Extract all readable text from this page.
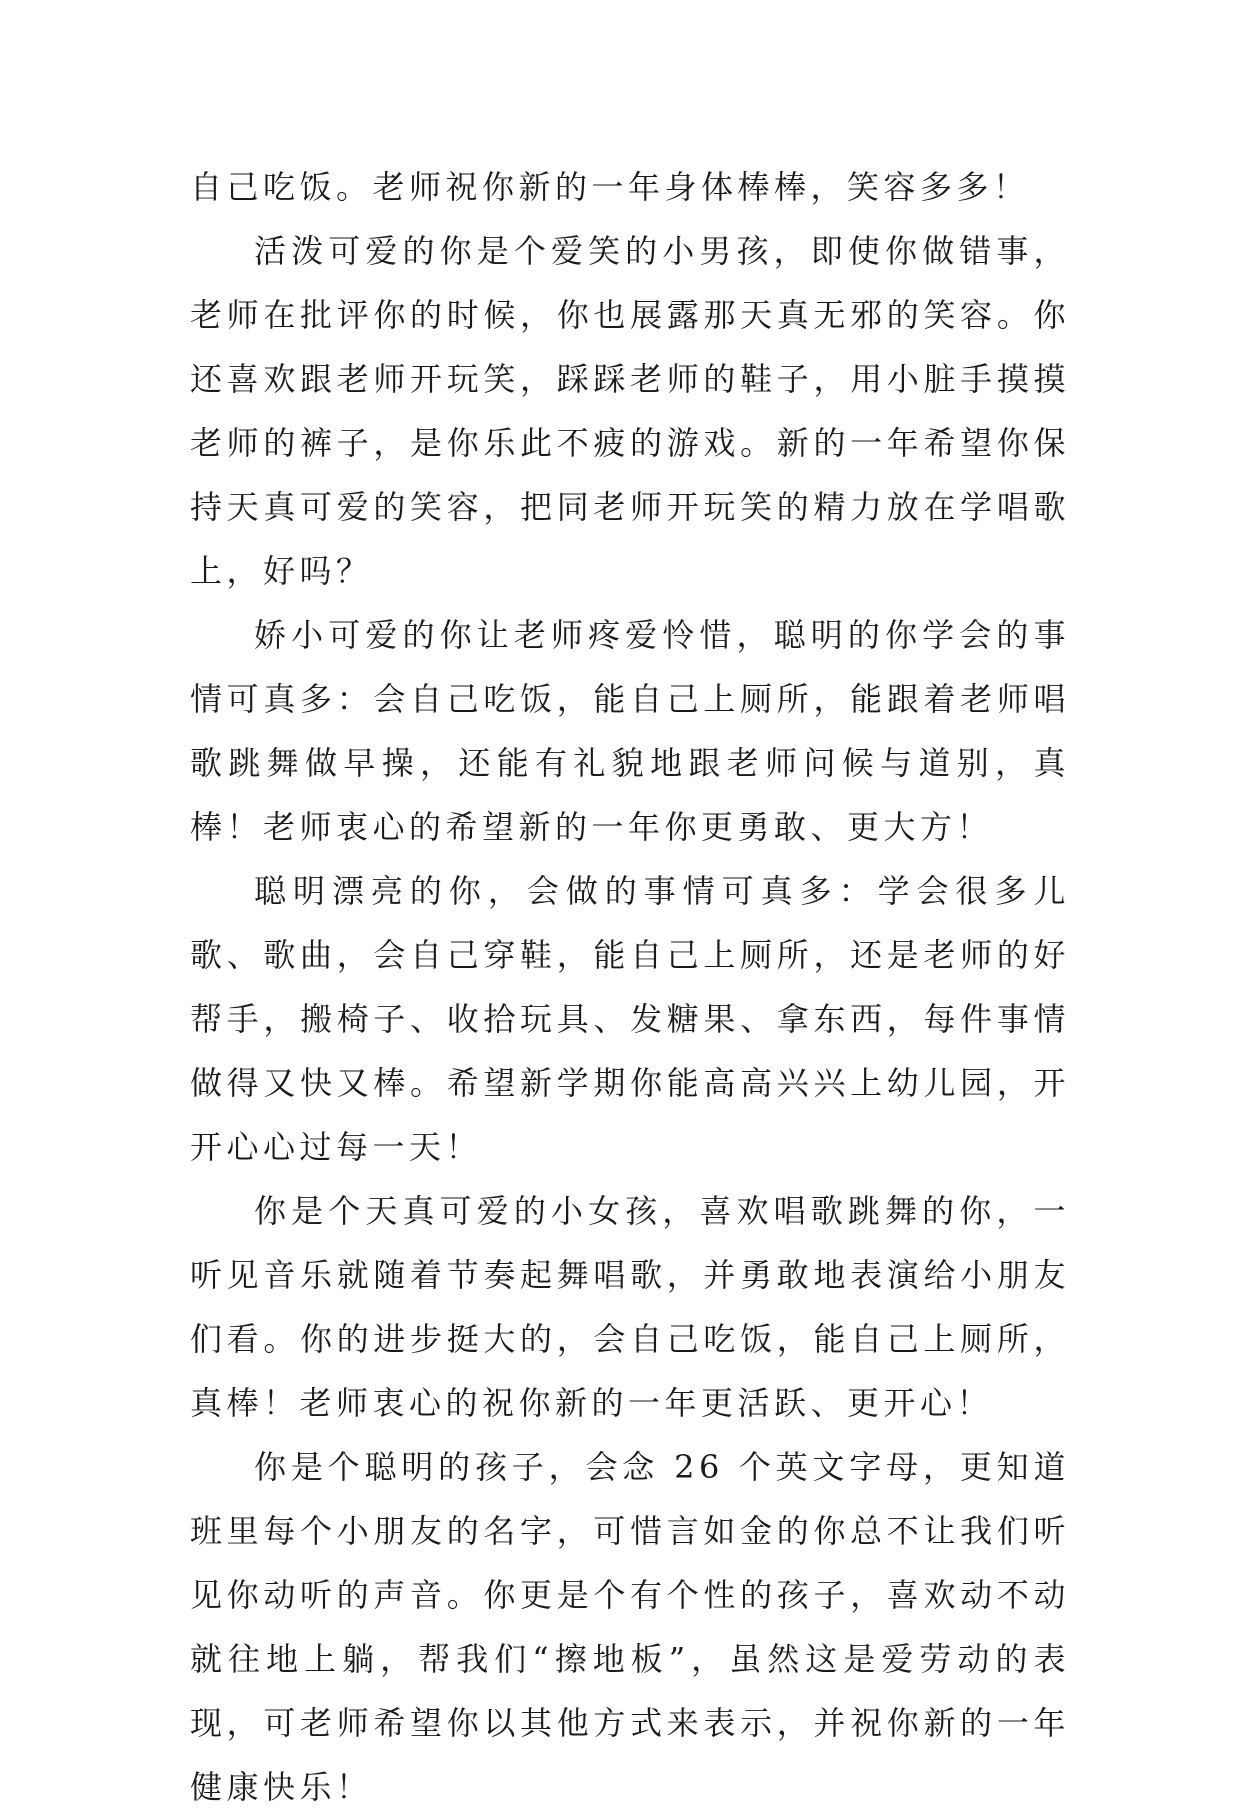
自己吃饭。老师祝你新的一年身体棒棒，笑容多多！

活泼可爱的你是个爱笑的小男孩，即使你做错事，老师在批评你的时候，你也展露那天真无邪的笑容。你还喜欢跟老师开玩笑，踩踩老师的鞋子，用小脏手摸摸老师的裤子，是你乐此不疲的游戏。新的一年希望你保持天真可爱的笑容，把同老师开玩笑的精力放在学唱歌上，好吗？

娇小可爱的你让老师疼爱怜惜，聪明的你学会的事情可真多：会自己吃饭，能自己上厕所，能跟着老师唱歌跳舞做早操，还能有礼貌地跟老师问候与道别，真棒！老师衷心的希望新的一年你更勇敢、更大方！

聪明漂亮的你，会做的事情可真多：学会很多儿歌、歌曲，会自己穿鞋，能自己上厕所，还是老师的好帮手，搬椅子、收拾玩具、发糖果、拿东西，每件事情做得又快又棒。希望新学期你能高高兴兴上幼儿园，开开心心过每一天！

你是个天真可爱的小女孩，喜欢唱歌跳舞的你，一听见音乐就随着节奏起舞唱歌，并勇敢地表演给小朋友们看。你的进步挺大的，会自己吃饭，能自己上厕所，真棒！老师衷心的祝你新的一年更活跃、更开心！

你是个聪明的孩子，会念 26 个英文字母，更知道班里每个小朋友的名字，可惜言如金的你总不让我们听见你动听的声音。你更是个有个性的孩子，喜欢动不动就往地上躺，帮我们“擦地板”，虽然这是爱劳动的表现，可老师希望你以其他方式来表示，并祝你新的一年健康快乐！
